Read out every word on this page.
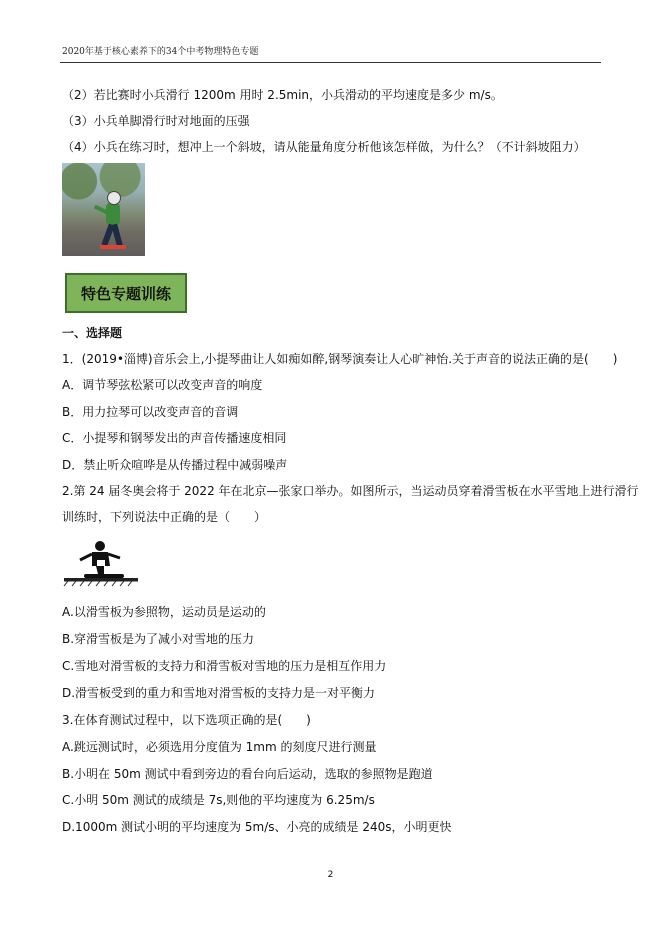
2020年基于核心素养下的34个中考物理特色专题
（2）若比赛时小兵滑行 1200m 用时 2.5min，小兵滑动的平均速度是多少 m/s。
（3）小兵单脚滑行时对地面的压强
（4）小兵在练习时，想冲上一个斜坡，请从能量角度分析他该怎样做，为什么？（不计斜坡阻力）
特色专题训练
一、选择题
1．(2019•淄博)音乐会上,小提琴曲让人如痴如醉,钢琴演奏让人心旷神怡.关于声音的说法正确的是(　　)
A．调节琴弦松紧可以改变声音的响度
B．用力拉琴可以改变声音的音调
C．小提琴和钢琴发出的声音传播速度相同
D．禁止听众喧哗是从传播过程中减弱噪声
2.第 24 届冬奥会将于 2022 年在北京—张家口举办。如图所示，当运动员穿着滑雪板在水平雪地上进行滑行
训练时，下列说法中正确的是（　　）
A.以滑雪板为参照物，运动员是运动的
B.穿滑雪板是为了减小对雪地的压力
C.雪地对滑雪板的支持力和滑雪板对雪地的压力是相互作用力
D.滑雪板受到的重力和雪地对滑雪板的支持力是一对平衡力
3.在体育测试过程中，以下选项正确的是(　　)
A.跳远测试时，必须选用分度值为 1mm 的刻度尺进行测量
B.小明在 50m 测试中看到旁边的看台向后运动，选取的参照物是跑道
C.小明 50m 测试的成绩是 7s,则他的平均速度为 6.25m/s
D.1000m 测试小明的平均速度为 5m/s、小亮的成绩是 240s，小明更快
2
